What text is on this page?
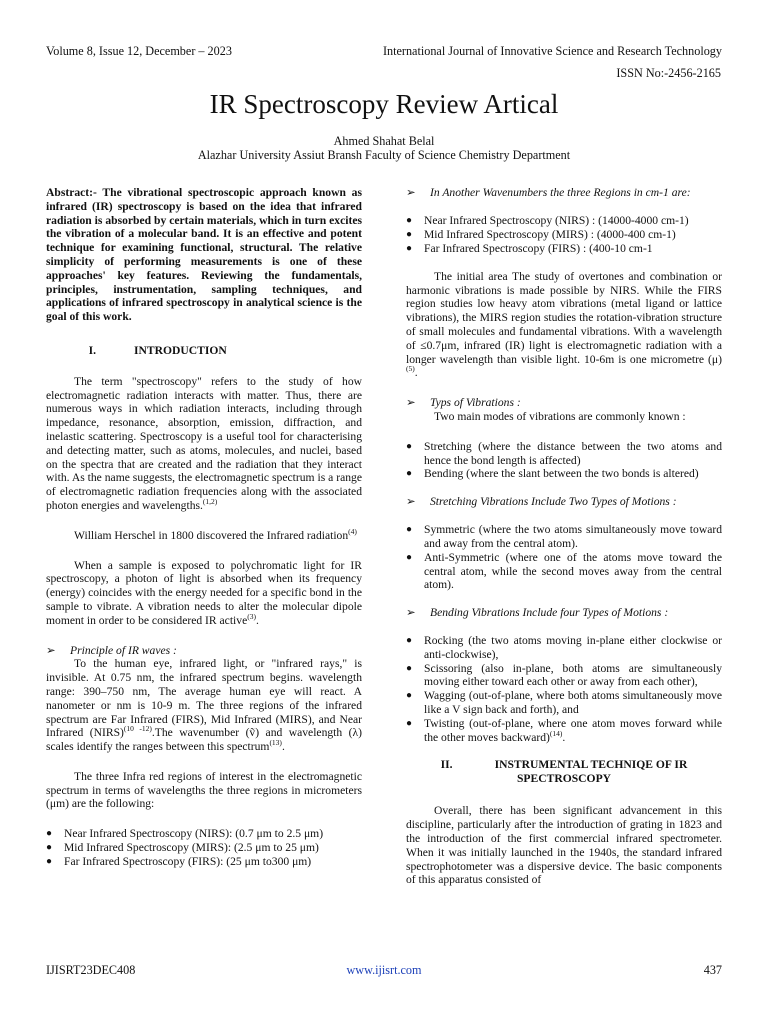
Volume 8, Issue 12, December – 2023	International Journal of Innovative Science and Research Technology
ISSN No:-2456-2165
IR Spectroscopy Review Artical
Ahmed Shahat Belal
Alazhar University Assiut Bransh Faculty of Science Chemistry Department

Abstract:- The vibrational spectroscopic approach known as infrared (IR) spectroscopy is based on the idea that infrared radiation is absorbed by certain materials, which in turn excites the vibration of a molecular band. It is an effective and potent technique for examining functional, structural. The relative simplicity of performing measurements is one of these approaches' key features. Reviewing the fundamentals, principles, instrumentation, sampling techniques, and applications of infrared spectroscopy in analytical science is the goal of this work.

I.	INTRODUCTION

The term "spectroscopy" refers to the study of how electromagnetic radiation interacts with matter. Thus, there are numerous ways in which radiation interacts, including through impedance, resonance, absorption, emission, diffraction, and inelastic scattering. Spectroscopy is a useful tool for characterising and detecting matter, such as atoms, molecules, and nuclei, based on the spectra that are created and the radiation that they interact with. As the name suggests, the electromagnetic spectrum is a range of electromagnetic radiation frequencies along with the associated photon energies and wavelengths.$^{(1,2)}$

William Herschel in 1800 discovered the Infrared radiation$^{(4)}$

When a sample is exposed to polychromatic light for IR spectroscopy, a photon of light is absorbed when its frequency (energy) coincides with the energy needed for a specific bond in the sample to vibrate. A vibration needs to alter the molecular dipole moment in order to be considered IR active$^{(3)}$.

➢	Principle of IR waves :

To the human eye, infrared light, or "infrared rays," is invisible. At 0.75 nm, the infrared spectrum begins. wavelength range: 390–750 nm, The average human eye will react. A nanometer or nm is 10-9 m. The three regions of the infrared spectrum are Far Infrared (FIRS), Mid Infrared (MIRS), and Near Infrared (NIRS)$^{(10 -12)}$.The wavenumber (ṽ) and wavelength (λ) scales identify the ranges between this spectrum$^{(13)}$.

The three Infra red regions of interest in the electromagnetic spectrum in terms of wavelengths the three regions in micrometers (μm) are the following:

●	Near Infrared Spectroscopy (NIRS): (0.7 μm to 2.5 μm)
●	Mid Infrared Spectroscopy (MIRS): (2.5 μm to 25 μm)
●	Far Infrared Spectroscopy (FIRS): (25 μm to300 μm)
➢	In Another Wavenumbers the three Regions in cm-1 are:
●	Near Infrared Spectroscopy (NIRS) : (14000-4000 cm-1)
●	Mid Infrared Spectroscopy (MIRS) : (4000-400 cm-1)
●	Far Infrared Spectroscopy (FIRS) : (400-10 cm-1

The initial area The study of overtones and combination or harmonic vibrations is made possible by NIRS. While the FIRS region studies low heavy atom vibrations (metal ligand or lattice vibrations), the MIRS region studies the rotation-vibration structure of small molecules and fundamental vibrations. With a wavelength of ≤0.7μm, infrared (IR) light is electromagnetic radiation with a longer wavelength than visible light. 10-6m is one micrometre $(\mu)^{(5)}$.

➢	Typs of Vibrations :

Two main modes of vibrations are commonly known :

●	Stretching (where the distance between the two atoms and hence the bond length is affected)
●	Bending (where the slant between the two bonds is altered)
➢	Stretching Vibrations Include Two Types of Motions :
●	Symmetric (where the two atoms simultaneously move toward and away from the central atom).
●	Anti-Symmetric (where one of the atoms move toward the central atom, while the second moves away from the central atom).
➢	Bending Vibrations Include four Types of Motions :
●	Rocking (the two atoms moving in-plane either clockwise or anti-clockwise),
●	Scissoring (also in-plane, both atoms are simultaneously moving either toward each other or away from each other),
●	Wagging (out-of-plane, where both atoms simultaneously move like a V sign back and forth), and
●	Twisting (out-of-plane, where one atom moves forward while the other moves backward)$^{(14)}$.
II.	INSTRUMENTAL TECHNIQE OF IR
SPECTROSCOPY

Overall, there has been significant advancement in this discipline, particularly after the introduction of grating in 1823 and the introduction of the first commercial infrared spectrometer. When it was initially launched in the 1940s, the standard infrared spectrophotometer was a dispersive device. The basic components of this apparatus consisted of

IJISRT23DEC408	www.ijisrt.com	437
